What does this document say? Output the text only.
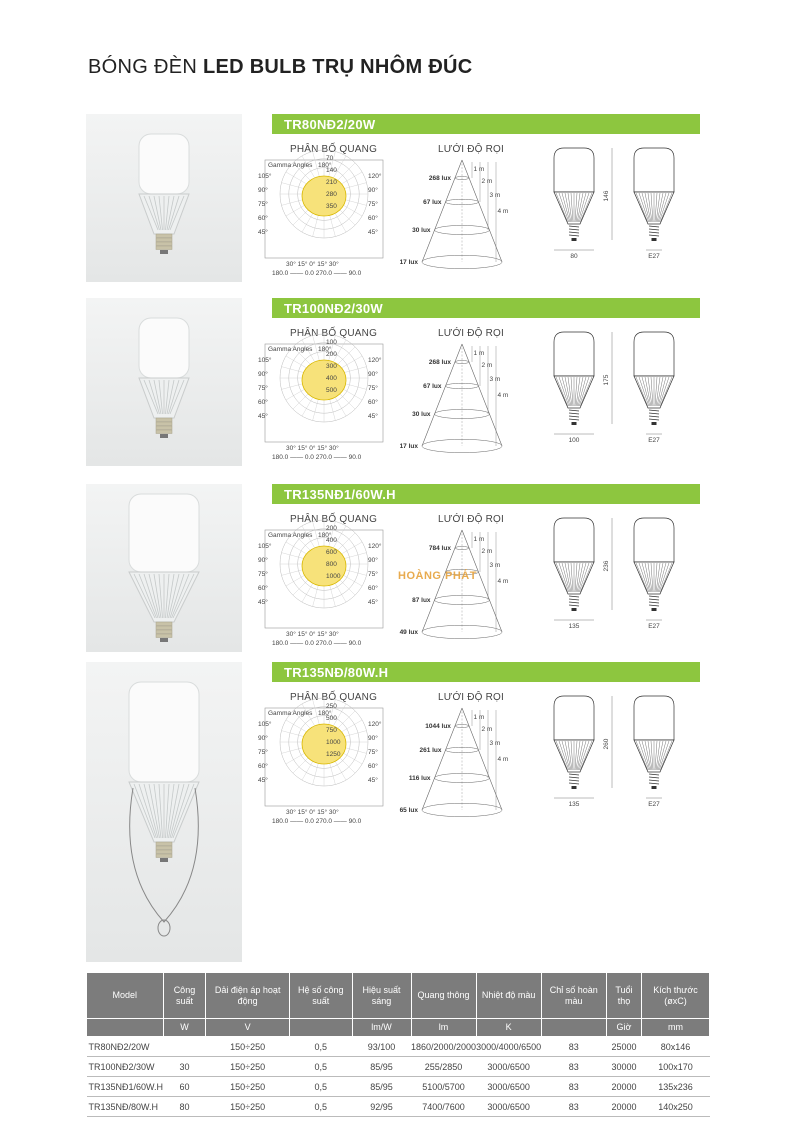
BÓNG ĐÈN LED BULB TRỤ NHÔM ĐÚC
TR80NĐ2/20W
PHÂN BỐ QUANG	LƯỚI ĐỘ RỌI
70
140
210
280
350
Gamma Angles 180°
105°
90°
75°
60°
45°
120°
90°
75°
60°
45°
30° 15° 0° 15° 30°
180.0 —— 0.0 270.0 —— 90.0
268 lux
67 lux
30 lux
17 lux
1 m
2 m
3 m
4 m
146
80	E27
TR100NĐ2/30W
PHÂN BỐ QUANG	LƯỚI ĐỘ RỌI
100
200
300
400
500
Gamma Angles 180°
105°
90°
75°
60°
45°
120°
90°
75°
60°
45°
30° 15° 0° 15° 30°
180.0 —— 0.0 270.0 —— 90.0
268 lux
67 lux
30 lux
17 lux
1 m
2 m
3 m
4 m
175
100	E27
TR135NĐ1/60W.H
PHÂN BỐ QUANG	LƯỚI ĐỘ RỌI
200
400
600
800
1000
Gamma Angles 180°
105°
90°
75°
60°
45°
120°
90°
75°
60°
45°
30° 15° 0° 15° 30°
180.0 —— 0.0 270.0 —— 90.0
784 lux
87 lux
49 lux
1 m
2 m
3 m
4 m
236
135	E27
TR135NĐ/80W.H
PHÂN BỐ QUANG	LƯỚI ĐỘ RỌI
250
500
750
1000
1250
Gamma Angles 180°
105°
90°
75°
60°
45°
120°
90°
75°
60°
45°
30° 15° 0° 15° 30°
180.0 —— 0.0 270.0 —— 90.0
1044 lux
261 lux
116 lux
65 lux
1 m
2 m
3 m
4 m
260
135	E27
HOÀNG PHÁT
Model	Công suất	Dải điện áp hoạt động	Hệ số công suất	Hiệu suất sáng	Quang thông	Nhiệt độ màu	Chỉ số hoàn màu	Tuổi thọ	Kích thước (øxC)
	W	V		lm/W	lm	K		Giờ	mm
TR80NĐ2/20W		150÷250	0,5	93/100	1860/2000/2000	3000/4000/6500	83	25000	80x146
TR100NĐ2/30W	30	150÷250	0,5	85/95	255/2850	3000/6500	83	30000	100x170
TR135NĐ1/60W.H	60	150÷250	0,5	85/95	5100/5700	3000/6500	83	20000	135x236
TR135NĐ/80W.H	80	150÷250	0,5	92/95	7400/7600	3000/6500	83	20000	140x250
